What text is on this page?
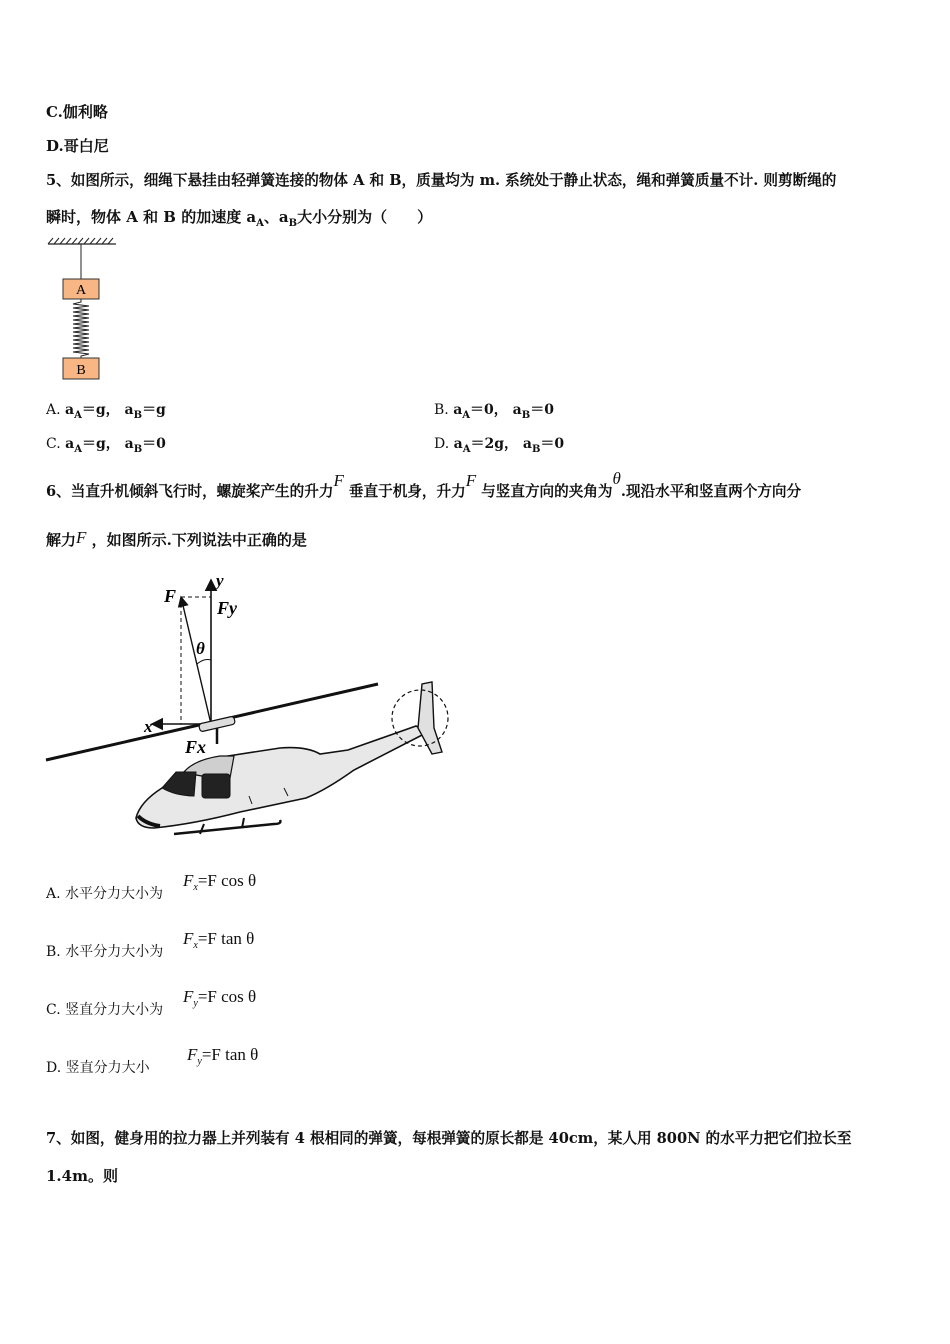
C.伽利略
D.哥白尼
5、如图所示，细绳下悬挂由轻弹簧连接的物体 A 和 B，质量均为 m. 系统处于静止状态，绳和弹簧质量不计. 则剪断绳的
瞬时，物体 A 和 B 的加速度 $a_A$、$a_B$大小分别为（　　）
A
B
A. $a_A=g$， $a_B=g$	B. $a_A=0$， $a_B=0$
C. $a_A=g$， $a_B=0$	D. $a_A=2g$， $a_B=0$
6、当直升机倾斜飞行时，螺旋桨产生的升力F 垂直于机身，升力F 与竖直方向的夹角为θ.现沿水平和竖直两个方向分
解力F ，如图所示.下列说法中正确的是
F
y
Fy
θ
x
Fx
A. 水平分力大小为
$F_x=F$ cos θ
B. 水平分力大小为
$F_x=F$ tan θ
C. 竖直分力大小为
$F_y=F$ cos θ
D. 竖直分力大小
$F_y=F$ tan θ
7、如图，健身用的拉力器上并列装有 4 根相同的弹簧，每根弹簧的原长都是 40cm，某人用 800N 的水平力把它们拉长至
1.4m。则
